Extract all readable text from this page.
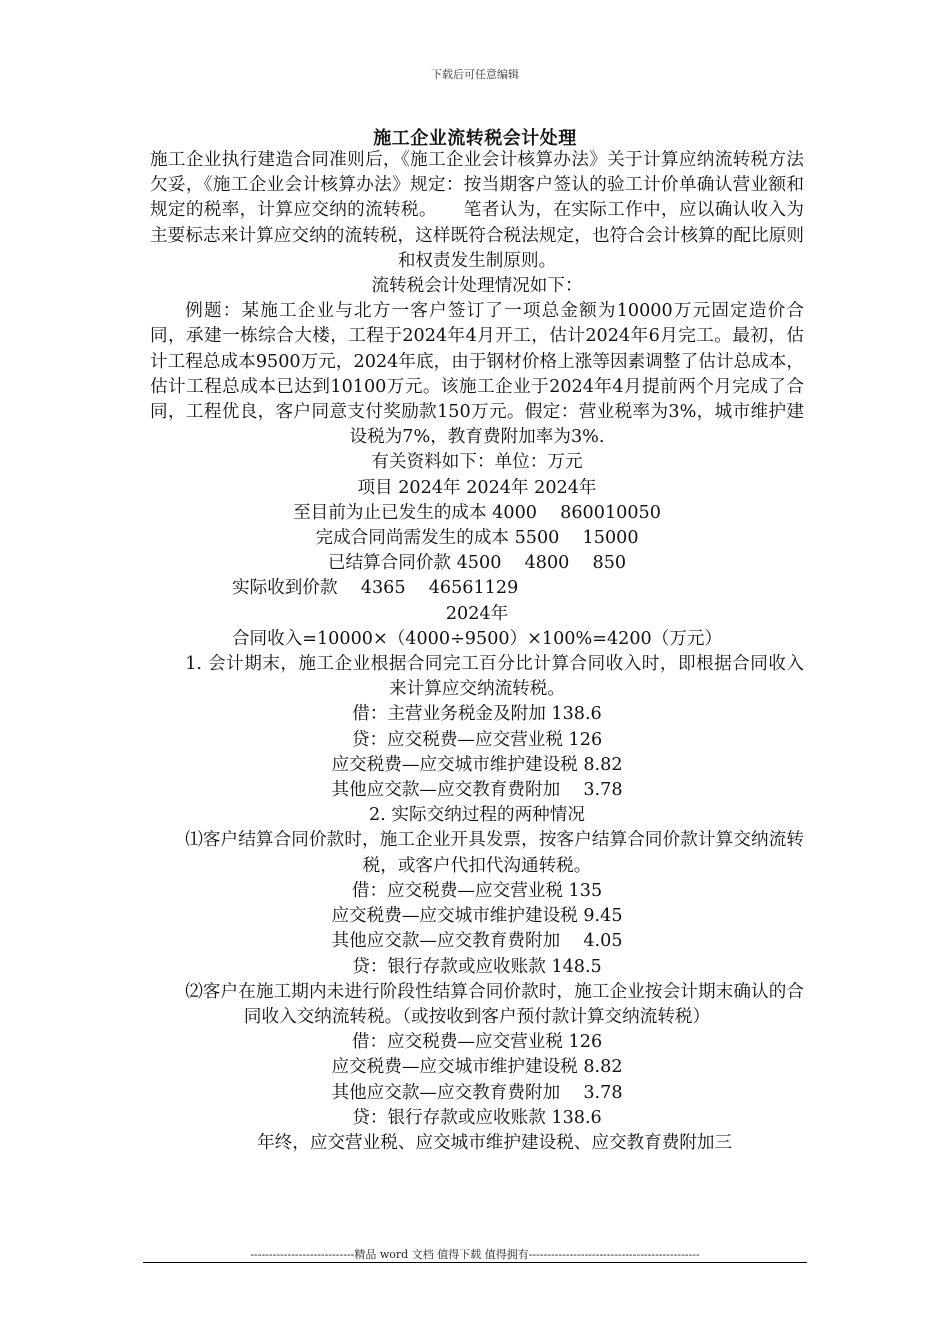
下载后可任意编辑
施工企业流转税会计处理

施工企业执行建造合同准则后，《施工企业会计核算办法》关于计算应纳流转税方法欠妥，《施工企业会计核算办法》规定：按当期客户签认的验工计价单确认营业额和规定的税率，计算应交纳的流转税。　　笔者认为，在实际工作中，应以确认收入为主要标志来计算应交纳的流转税，这样既符合税法规定，也符合会计核算的配比原则和权责发生制原则。

流转税会计处理情况如下：

例题：某施工企业与北方一客户签订了一项总金额为10000万元固定造价合同，承建一栋综合大楼，工程于2024年4月开工，估计2024年6月完工。最初，估计工程总成本9500万元，2024年底，由于钢材价格上涨等因素调整了估计总成本，估计工程总成本已达到10100万元。该施工企业于2024年4月提前两个月完成了合同，工程优良，客户同意支付奖励款150万元。假定：营业税率为3%，城市维护建设税为7%，教育费附加率为3%.

有关资料如下：单位：万元

项目 2024年 2024年 2024年

至目前为止已发生的成本 4000　 860010050

完成合同尚需发生的成本 5500　 15000

已结算合同价款 4500　 4800　 850

实际收到价款　 4365　 46561129

2024年

合同收入=10000×（4000÷9500）×100%=4200（万元）

1. 会计期末，施工企业根据合同完工百分比计算合同收入时，即根据合同收入来计算应交纳流转税。

借：主营业务税金及附加 138.6

贷：应交税费—应交营业税 126

应交税费—应交城市维护建设税 8.82

其他应交款—应交教育费附加　 3.78

2. 实际交纳过程的两种情况

⑴客户结算合同价款时，施工企业开具发票，按客户结算合同价款计算交纳流转税，或客户代扣代沟通转税。

借：应交税费—应交营业税 135

应交税费—应交城市维护建设税 9.45

其他应交款—应交教育费附加　 4.05

贷：银行存款或应收账款 148.5

⑵客户在施工期内未进行阶段性结算合同价款时，施工企业按会计期末确认的合同收入交纳流转税。（或按收到客户预付款计算交纳流转税）

借：应交税费—应交营业税 126

应交税费—应交城市维护建设税 8.82

其他应交款—应交教育费附加　 3.78

贷：银行存款或应收账款 138.6

年终，应交营业税、应交城市维护建设税、应交教育费附加三

----------------------------精品 word 文档 值得下载 值得拥有----------------------------------------------
